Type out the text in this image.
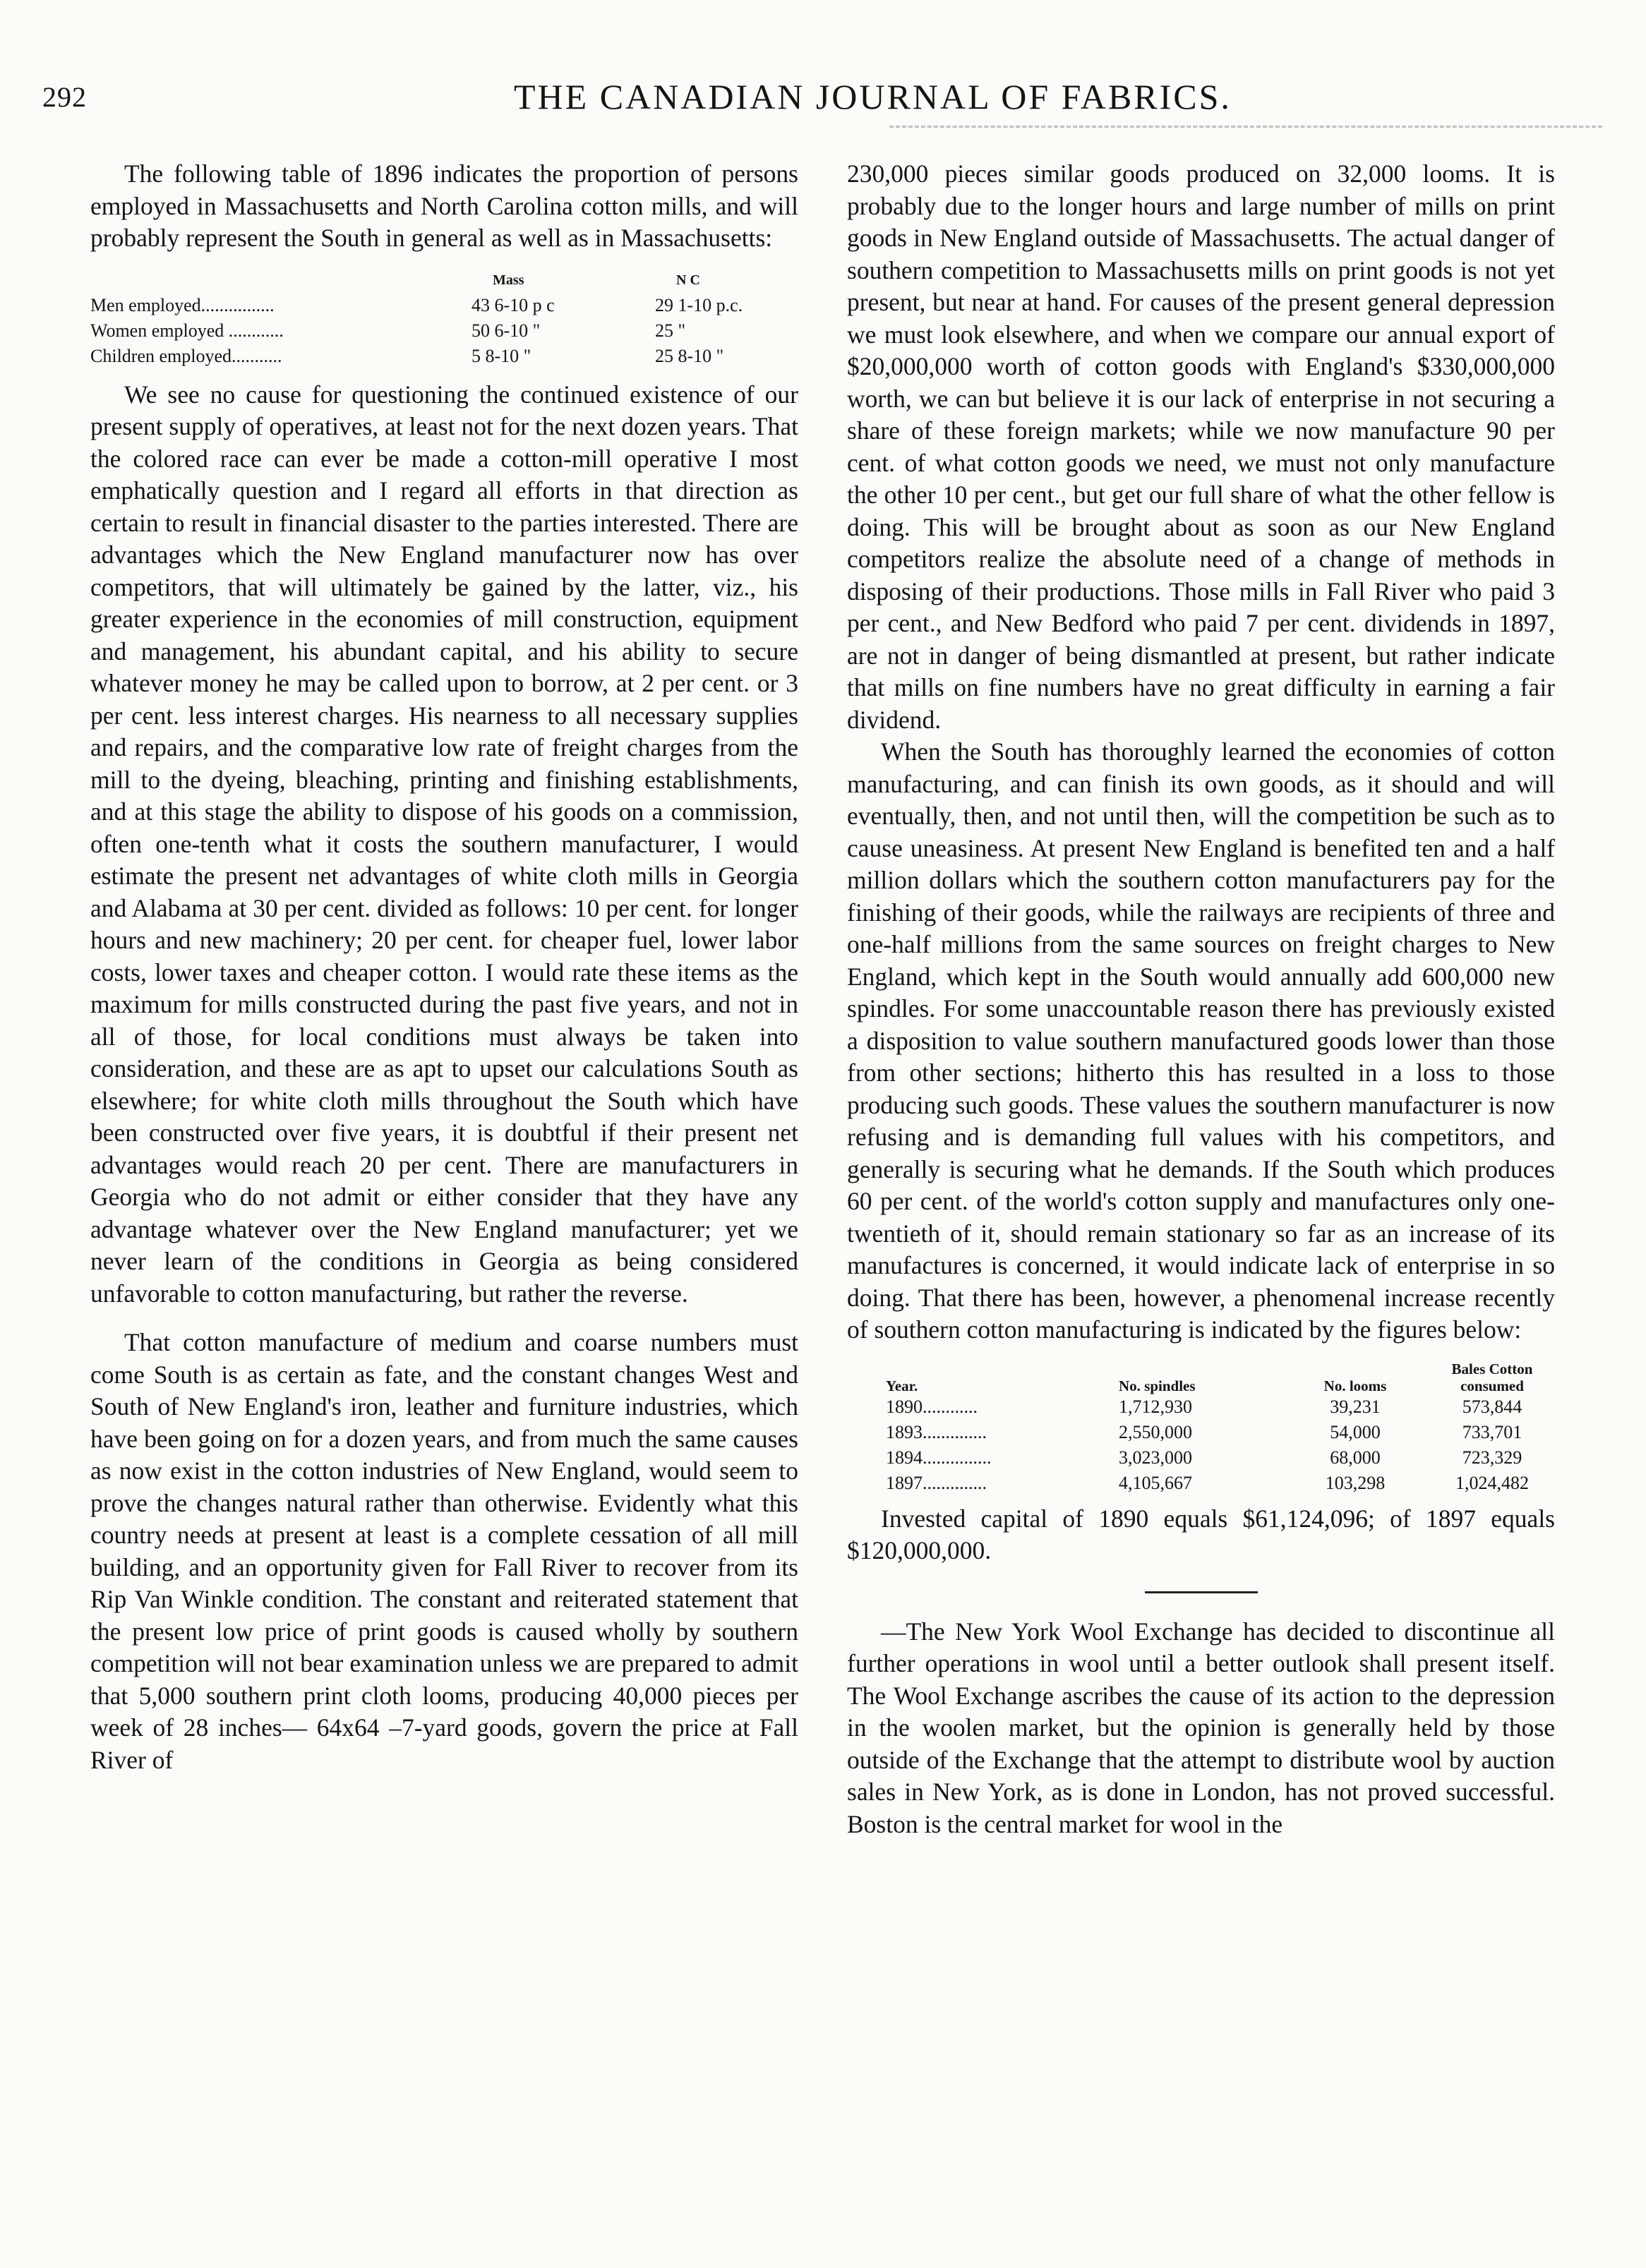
292	THE CANADIAN JOURNAL OF FABRICS.

The following table of 1896 indicates the proportion of persons employed in Massachusetts and North Carolina cotton mills, and will probably represent the South in general as well as in Massachusetts:

	Mass	N C
Men employed................	43 6-10 p c	29 1-10 p.c.
Women employed ............	50 6-10 "	25 "
Children employed...........	5 8-10 "	25 8-10 "

We see no cause for questioning the continued existence of our present supply of operatives, at least not for the next dozen years. That the colored race can ever be made a cotton-mill operative I most emphatically question and I regard all efforts in that direction as certain to result in financial disaster to the parties interested. There are advantages which the New England manufacturer now has over competitors, that will ultimately be gained by the latter, viz., his greater experience in the economies of mill construction, equipment and management, his abundant capital, and his ability to secure whatever money he may be called upon to borrow, at 2 per cent. or 3 per cent. less interest charges. His nearness to all necessary supplies and repairs, and the comparative low rate of freight charges from the mill to the dyeing, bleaching, printing and finishing establishments, and at this stage the ability to dispose of his goods on a commission, often one-tenth what it costs the southern manufacturer, I would estimate the present net advantages of white cloth mills in Georgia and Alabama at 30 per cent. divided as follows: 10 per cent. for longer hours and new machinery; 20 per cent. for cheaper fuel, lower labor costs, lower taxes and cheaper cotton. I would rate these items as the maximum for mills constructed during the past five years, and not in all of those, for local conditions must always be taken into consideration, and these are as apt to upset our calculations South as elsewhere; for white cloth mills throughout the South which have been constructed over five years, it is doubtful if their present net advantages would reach 20 per cent. There are manufacturers in Georgia who do not admit or either consider that they have any advantage whatever over the New England manufacturer; yet we never learn of the conditions in Georgia as being considered unfavorable to cotton manufacturing, but rather the reverse.

That cotton manufacture of medium and coarse numbers must come South is as certain as fate, and the constant changes West and South of New England's iron, leather and furniture industries, which have been going on for a dozen years, and from much the same causes as now exist in the cotton industries of New England, would seem to prove the changes natural rather than otherwise. Evidently what this country needs at present at least is a complete cessation of all mill building, and an opportunity given for Fall River to recover from its Rip Van Winkle condition. The constant and reiterated statement that the present low price of print goods is caused wholly by southern competition will not bear examination unless we are prepared to admit that 5,000 southern print cloth looms, producing 40,000 pieces per week of 28 inches— 64x64 –7-yard goods, govern the price at Fall River of

230,000 pieces similar goods produced on 32,000 looms. It is probably due to the longer hours and large number of mills on print goods in New England outside of Massachusetts. The actual danger of southern competition to Massachusetts mills on print goods is not yet present, but near at hand. For causes of the present general depression we must look elsewhere, and when we compare our annual export of $20,000,000 worth of cotton goods with England's $330,000,000 worth, we can but believe it is our lack of enterprise in not securing a share of these foreign markets; while we now manufacture 90 per cent. of what cotton goods we need, we must not only manufacture the other 10 per cent., but get our full share of what the other fellow is doing. This will be brought about as soon as our New England competitors realize the absolute need of a change of methods in disposing of their productions. Those mills in Fall River who paid 3 per cent., and New Bedford who paid 7 per cent. dividends in 1897, are not in danger of being dismantled at present, but rather indicate that mills on fine numbers have no great difficulty in earning a fair dividend.

When the South has thoroughly learned the economies of cotton manufacturing, and can finish its own goods, as it should and will eventually, then, and not until then, will the competition be such as to cause uneasiness. At present New England is benefited ten and a half million dollars which the southern cotton manufacturers pay for the finishing of their goods, while the railways are recipients of three and one-half millions from the same sources on freight charges to New England, which kept in the South would annually add 600,000 new spindles. For some unaccountable reason there has previously existed a disposition to value southern manufactured goods lower than those from other sections; hitherto this has resulted in a loss to those producing such goods. These values the southern manufacturer is now refusing and is demanding full values with his competitors, and generally is securing what he demands. If the South which produces 60 per cent. of the world's cotton supply and manufactures only one-twentieth of it, should remain stationary so far as an increase of its manufactures is concerned, it would indicate lack of enterprise in so doing. That there has been, however, a phenomenal increase recently of southern cotton manufacturing is indicated by the figures below:

Year.	No. spindles	No. looms	Bales Cotton consumed
1890............	1,712,930	39,231	573,844
1893..............	2,550,000	54,000	733,701
1894...............	3,023,000	68,000	723,329
1897..............	4,105,667	103,298	1,024,482

Invested capital of 1890 equals $61,124,096; of 1897 equals $120,000,000.

—The New York Wool Exchange has decided to discontinue all further operations in wool until a better outlook shall present itself. The Wool Exchange ascribes the cause of its action to the depression in the woolen market, but the opinion is generally held by those outside of the Exchange that the attempt to distribute wool by auction sales in New York, as is done in London, has not proved successful. Boston is the central market for wool in the
